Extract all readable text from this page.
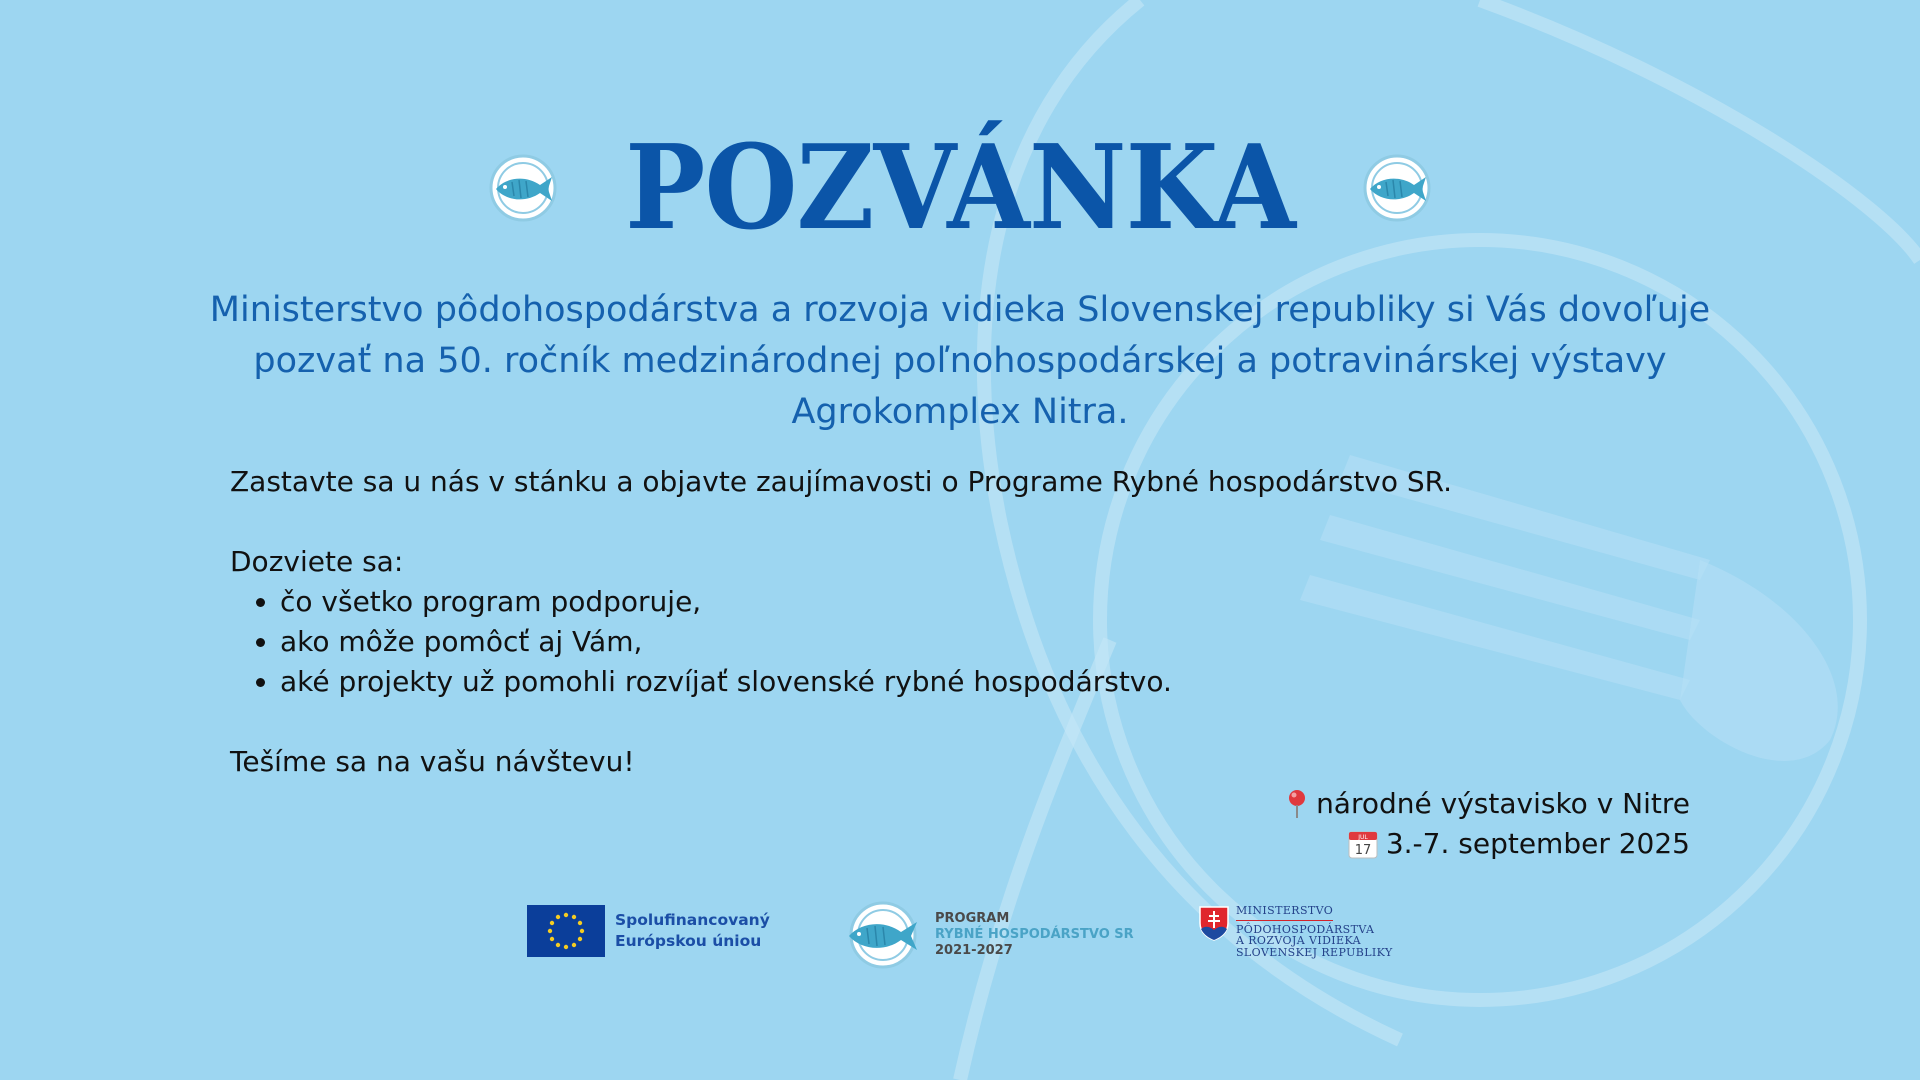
POZVÁNKA

Ministerstvo pôdohospodárstva a rozvoja vidieka Slovenskej republiky si Vás dovoľuje pozvať na 50. ročník medzinárodnej poľnohospodárskej a potravinárskej výstavy Agrokomplex Nitra.

Zastavte sa u nás v stánku a objavte zaujímavosti o Programe Rybné hospodárstvo SR.

Dozviete sa:

• čo všetko program podporuje,
• ako môže pomôcť aj Vám,
• aké projekty už pomohli rozvíjať slovenské rybné hospodárstvo.

Tešíme sa na vašu návštevu!

národné výstavisko v Nitre
JUL
17 3.-7. september 2025
Spolufinancovaný
Európskou úniou
PROGRAM
RYBNÉ HOSPODÁRSTVO SR
2021-2027
MINISTERSTVO
PÔDOHOSPODÁRSTVA
A ROZVOJA VIDIEKA
SLOVENSKEJ REPUBLIKY
